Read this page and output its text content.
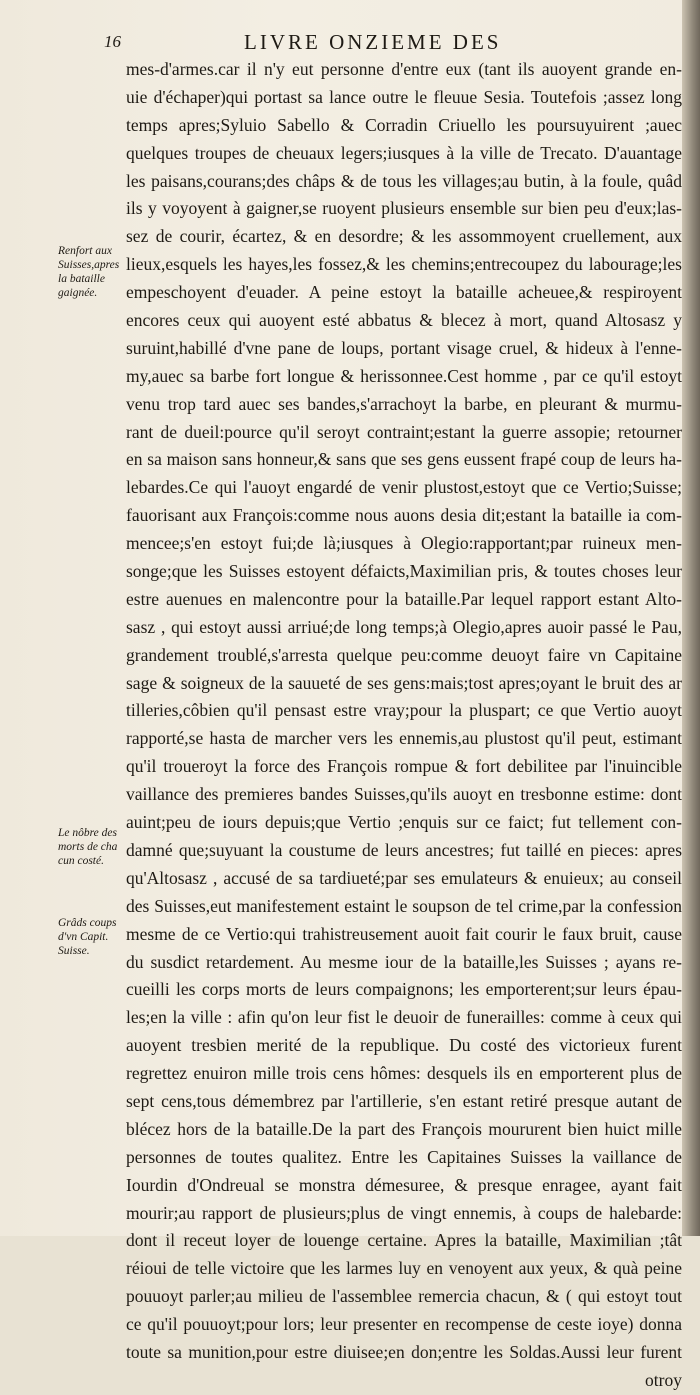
16	LIVRE ONZIEME DES
Renfort aux Suisses,apres la bataille gaignée.
Le nôbre des morts de cha cun costé.
Grâds coups d'vn Capit. Suisse.
mes-d'armes.car il n'y eut personne d'entre eux (tant ils auoyent grande en-
uie d'échaper)qui portast sa lance outre le fleuue Sesia. Toutefois ;assez long
temps apres;Syluio Sabello & Corradin Criuello les poursuyuirent ;auec
quelques troupes de cheuaux legers;iusques à la ville de Trecato. D'auantage
les paisans,courans;des châps & de tous les villages;au butin, à la foule, quâd
ils y voyoyent à gaigner,se ruoyent plusieurs ensemble sur bien peu d'eux;las-
sez de courir, écartez, & en desordre; & les assommoyent cruellement, aux
lieux,esquels les hayes,les fossez,& les chemins;entrecoupez du labourage;les
empeschoyent d'euader. A peine estoyt la bataille acheuee,& respiroyent
encores ceux qui auoyent esté abbatus & blecez à mort, quand Altosasz y
suruint,habillé d'vne pane de loups, portant visage cruel, & hideux à l'enne-
my,auec sa barbe fort longue & herissonnee.Cest homme , par ce qu'il estoyt
venu trop tard auec ses bandes,s'arrachoyt la barbe, en pleurant & murmu-
rant de dueil:pource qu'il seroyt contraint;estant la guerre assopie; retourner
en sa maison sans honneur,& sans que ses gens eussent frapé coup de leurs ha-
lebardes.Ce qui l'auoyt engardé de venir plustost,estoyt que ce Vertio;Suisse;
fauorisant aux François:comme nous auons desia dit;estant la bataille ia com-
mencee;s'en estoyt fui;de là;iusques à Olegio:rapportant;par ruineux men-
songe;que les Suisses estoyent défaicts,Maximilian pris, & toutes choses leur
estre auenues en malencontre pour la bataille.Par lequel rapport estant Alto-
sasz , qui estoyt aussi arriué;de long temps;à Olegio,apres auoir passé le Pau,
grandement troublé,s'arresta quelque peu:comme deuoyt faire vn Capitaine
sage & soigneux de la sauueté de ses gens:mais;tost apres;oyant le bruit des ar
tilleries,côbien qu'il pensast estre vray;pour la pluspart; ce que Vertio auoyt
rapporté,se hasta de marcher vers les ennemis,au plustost qu'il peut, estimant
qu'il troueroyt la force des François rompue & fort debilitee par l'inuincible
vaillance des premieres bandes Suisses,qu'ils auoyt en tresbonne estime: dont
auint;peu de iours depuis;que Vertio ;enquis sur ce faict; fut tellement con-
damné que;suyuant la coustume de leurs ancestres; fut taillé en pieces: apres
qu'Altosasz , accusé de sa tardiueté;par ses emulateurs & enuieux; au conseil
des Suisses,eut manifestement estaint le soupson de tel crime,par la confession
mesme de ce Vertio:qui trahistreusement auoit fait courir le faux bruit, cause
du susdict retardement. Au mesme iour de la bataille,les Suisses ; ayans re-
cueilli les corps morts de leurs compaignons; les emporterent;sur leurs épau-
les;en la ville : afin qu'on leur fist le deuoir de funerailles: comme à ceux qui
auoyent tresbien merité de la republique. Du costé des victorieux furent
regrettez enuiron mille trois cens hômes: desquels ils en emporterent plus de
sept cens,tous démembrez par l'artillerie, s'en estant retiré presque autant de
blécez hors de la bataille.De la part des François moururent bien huict mille
personnes de toutes qualitez. Entre les Capitaines Suisses la vaillance de
Iourdin d'Ondreual se monstra démesuree, & presque enragee, ayant fait
mourir;au rapport de plusieurs;plus de vingt ennemis, à coups de halebarde:
dont il receut loyer de louenge certaine. Apres la bataille, Maximilian ;tât
réioui de telle victoire que les larmes luy en venoyent aux yeux, & quà peine
pouuoyt parler;au milieu de l'assemblee remercia chacun, & ( qui estoyt tout
ce qu'il pouuoyt;pour lors; leur presenter en recompense de ceste ioye) donna
toute sa munition,pour estre diuisee;en don;entre les Soldas.Aussi leur furent
otroy
